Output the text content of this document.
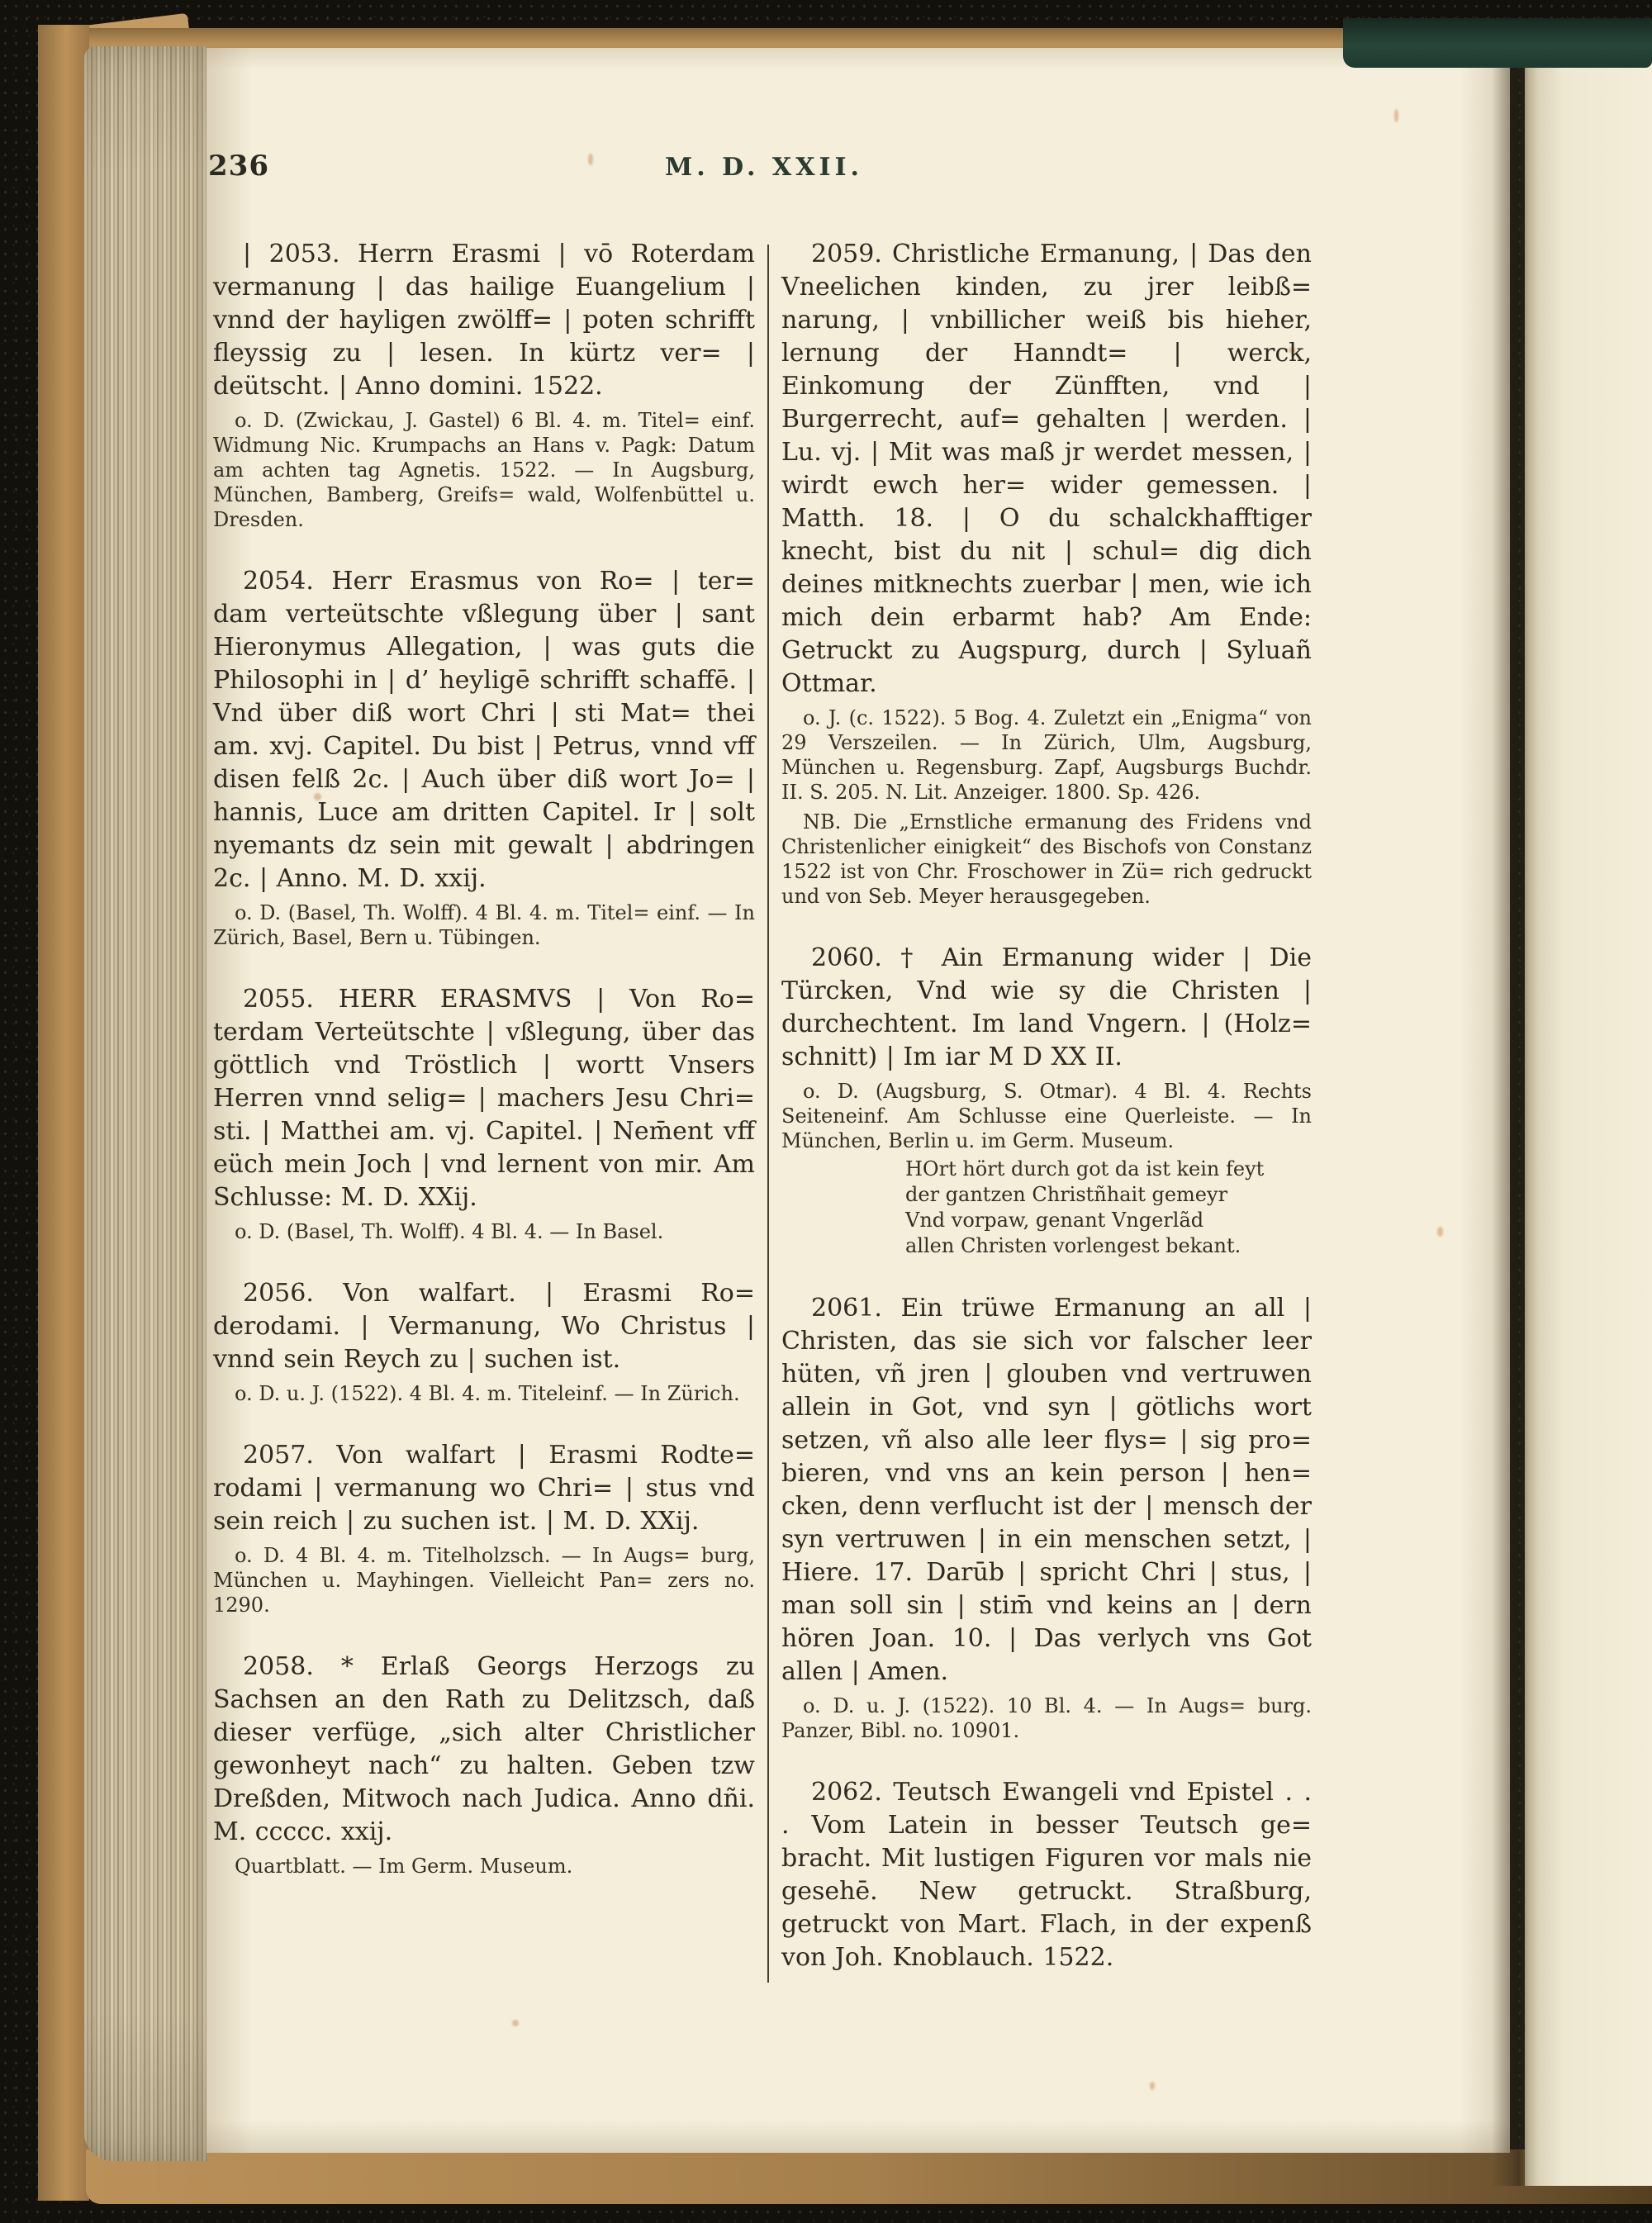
236	M. D. XXII.

| 2053. Herrn Erasmi | vō Roterdam vermanung | das hailige Euangelium | vnnd der hayligen zwölff= | poten schrifft fleyssig zu | lesen. In kürtz ver= | deütscht. | Anno domini. 1522.

o. D. (Zwickau, J. Gastel) 6 Bl. 4. m. Titel= einf. Widmung Nic. Krumpachs an Hans v. Pagk: Datum am achten tag Agnetis. 1522. — In Augsburg, München, Bamberg, Greifs= wald, Wolfenbüttel u. Dresden.

2054. Herr Erasmus von Ro= | ter= dam verteütschte vßlegung über | sant Hieronymus Allegation, | was guts die Philosophi in | d’ heyligē schrifft schaffē. | Vnd über diß wort Chri | sti Mat= thei am. xvj. Capitel. Du bist | Petrus, vnnd vff disen felß 2c. | Auch über diß wort Jo= | hannis, Luce am dritten Capitel. Ir | solt nyemants dz sein mit gewalt | abdringen 2c. | Anno. M. D. xxij.

o. D. (Basel, Th. Wolff). 4 Bl. 4. m. Titel= einf. — In Zürich, Basel, Bern u. Tübingen.

2055. HERR ERASMVS | Von Ro= terdam Verteütschte | vßlegung, über das göttlich vnd Tröstlich | wortt Vnsers Herren vnnd selig= | machers Jesu Chri= sti. | Matthei am. vj. Capitel. | Nem̄ent vff eüch mein Joch | vnd lernent von mir. Am Schlusse: M. D. XXij.

o. D. (Basel, Th. Wolff). 4 Bl. 4. — In Basel.

2056. Von walfart. | Erasmi Ro= derodami. | Vermanung, Wo Christus | vnnd sein Reych zu | suchen ist.

o. D. u. J. (1522). 4 Bl. 4. m. Titeleinf. — In Zürich.

2057. Von walfart | Erasmi Rodte= rodami | vermanung wo Chri= | stus vnd sein reich | zu suchen ist. | M. D. XXij.

o. D. 4 Bl. 4. m. Titelholzsch. — In Augs= burg, München u. Mayhingen. Vielleicht Pan= zers no. 1290.

2058. * Erlaß Georgs Herzogs zu Sachsen an den Rath zu Delitzsch, daß dieser verfüge, „sich alter Christlicher gewonheyt nach“ zu halten. Geben tzw Dreßden, Mitwoch nach Judica. Anno dñi. M. ccccc. xxij.

Quartblatt. — Im Germ. Museum.

2059. Christliche Ermanung, | Das den Vneelichen kinden, zu jrer leibß= narung, | vnbillicher weiß bis hieher, lernung der Hanndt= | werck, Einkomung der Zünfften, vnd | Burgerrecht, auf= gehalten | werden. | Lu. vj. | Mit was maß jr werdet messen, | wirdt ewch her= wider gemessen. | Matth. 18. | O du schalckhafftiger knecht, bist du nit | schul= dig dich deines mitknechts zuerbar | men, wie ich mich dein erbarmt hab? Am Ende: Getruckt zu Augspurg, durch | Syluañ Ottmar.

o. J. (c. 1522). 5 Bog. 4. Zuletzt ein „Enigma“ von 29 Verszeilen. — In Zürich, Ulm, Augsburg, München u. Regensburg. Zapf, Augsburgs Buchdr. II. S. 205. N. Lit. Anzeiger. 1800. Sp. 426.

NB. Die „Ernstliche ermanung des Fridens vnd Christenlicher einigkeit“ des Bischofs von Constanz 1522 ist von Chr. Froschower in Zü= rich gedruckt und von Seb. Meyer herausgegeben.

2060. † Ain Ermanung wider | Die Türcken, Vnd wie sy die Christen | durchechtent. Im land Vngern. | (Holz= schnitt) | Im iar M D XX II.

o. D. (Augsburg, S. Otmar). 4 Bl. 4. Rechts Seiteneinf. Am Schlusse eine Querleiste. — In München, Berlin u. im Germ. Museum.

HOrt hört durch got da ist kein feyt
der gantzen Christñhait gemeyr
Vnd vorpaw, genant Vngerlãd
allen Christen vorlengest bekant.

2061. Ein trüwe Ermanung an all | Christen, das sie sich vor falscher leer hüten, vñ jren | glouben vnd vertruwen allein in Got, vnd syn | götlichs wort setzen, vñ also alle leer flys= | sig pro= bieren, vnd vns an kein person | hen= cken, denn verflucht ist der | mensch der syn vertruwen | in ein menschen setzt, | Hiere. 17. Darūb | spricht Chri | stus, | man soll sin | stim̄ vnd keins an | dern hören Joan. 10. | Das verlych vns Got allen | Amen.

o. D. u. J. (1522). 10 Bl. 4. — In Augs= burg. Panzer, Bibl. no. 10901.

2062. Teutsch Ewangeli vnd Epistel . . . Vom Latein in besser Teutsch ge= bracht. Mit lustigen Figuren vor mals nie gesehē. New getruckt. Straßburg, getruckt von Mart. Flach, in der expenß von Joh. Knoblauch. 1522.
